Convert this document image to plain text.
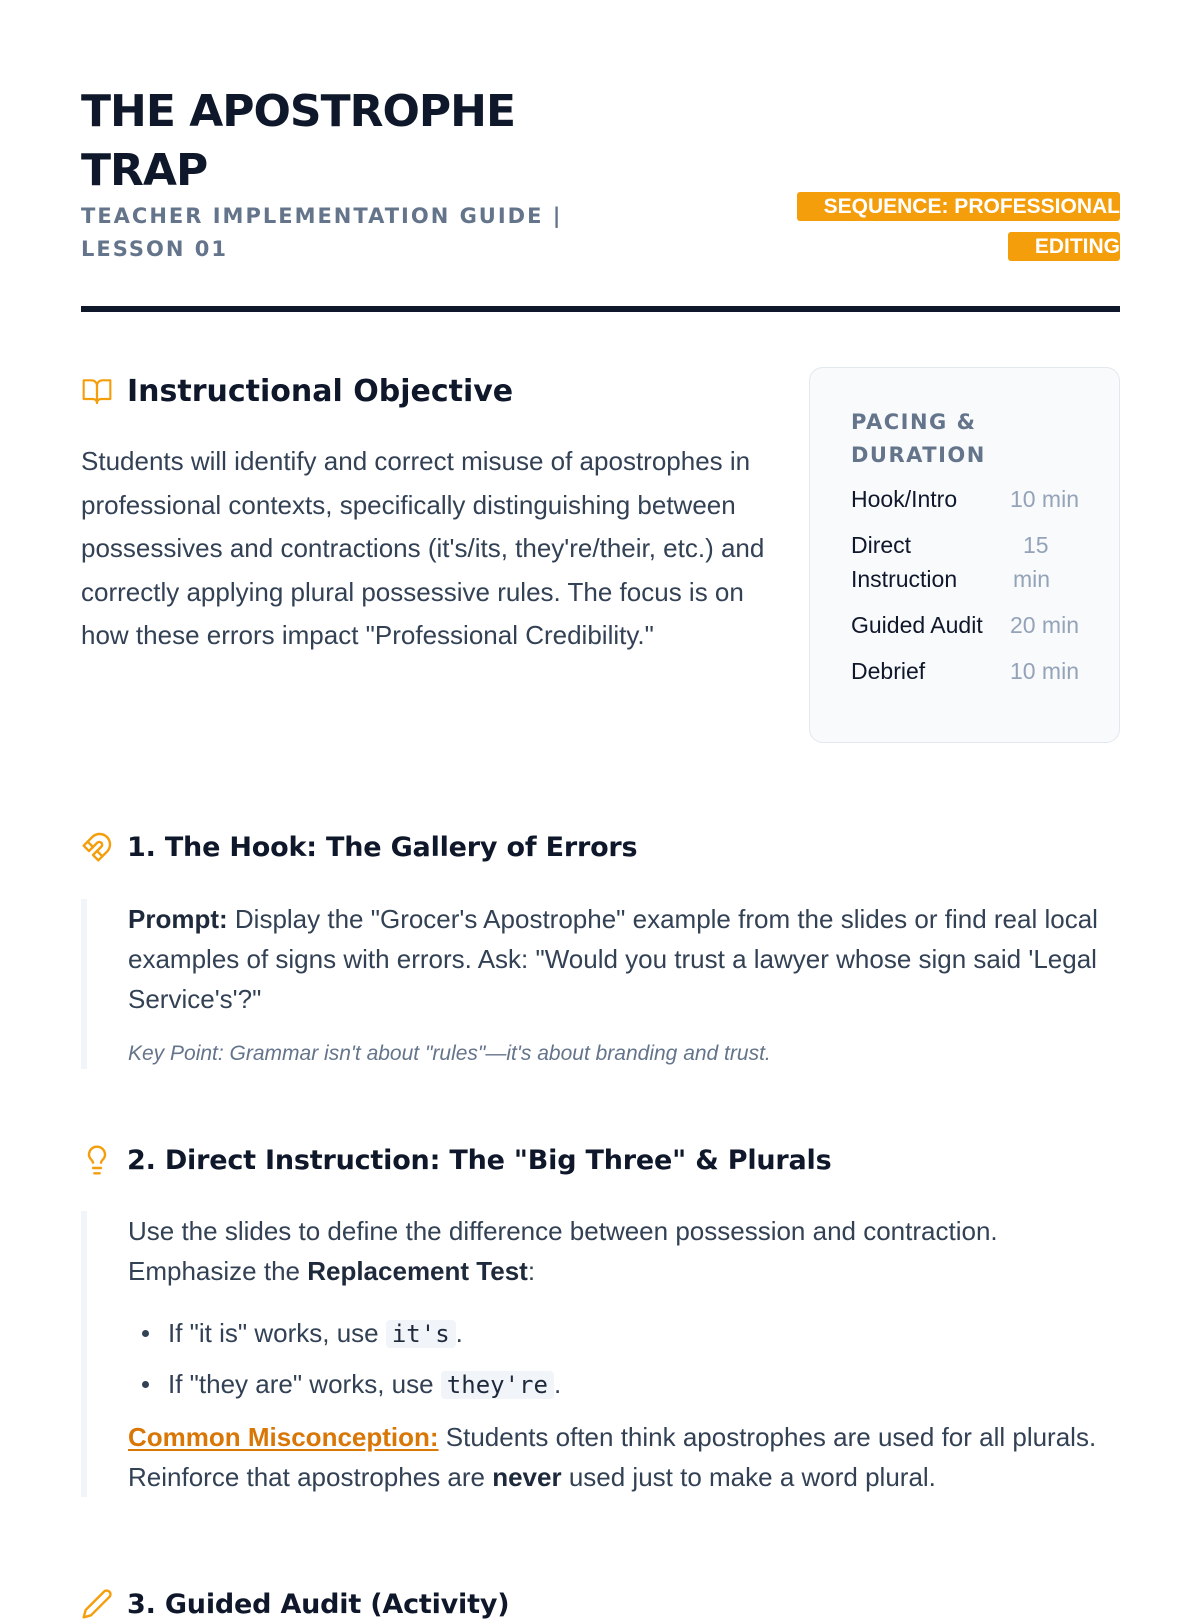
THE APOSTROPHE TRAP
TEACHER IMPLEMENTATION GUIDE | LESSON 01
SEQUENCE: PROFESSIONAL EDITING
Instructional Objective

Students will identify and correct misuse of apostrophes in professional contexts, specifically distinguishing between possessives and contractions (it's/its, they're/their, etc.) and correctly applying plural possessive rules. The focus is on how these errors impact "Professional Credibility."

PACING & DURATION
Hook/Intro 10 min
Direct Instruction
15 min
Guided Audit 20 min
Debrief	10 min
1. The Hook: The Gallery of Errors

Prompt: Display the "Grocer's Apostrophe" example from the slides or find real local examples of signs with errors. Ask: "Would you trust a lawyer whose sign said 'Legal Service's'?"

Key Point: Grammar isn't about "rules"—it's about branding and trust.

2. Direct Instruction: The "Big Three" & Plurals

Use the slides to define the difference between possession and contraction. Emphasize the Replacement Test:

If "it is" works, use it's .
If "they are" works, use they're .

Common Misconception: Students often think apostrophes are used for all plurals. Reinforce that apostrophes are never used just to make a word plural.

3. Guided Audit (Activity)
